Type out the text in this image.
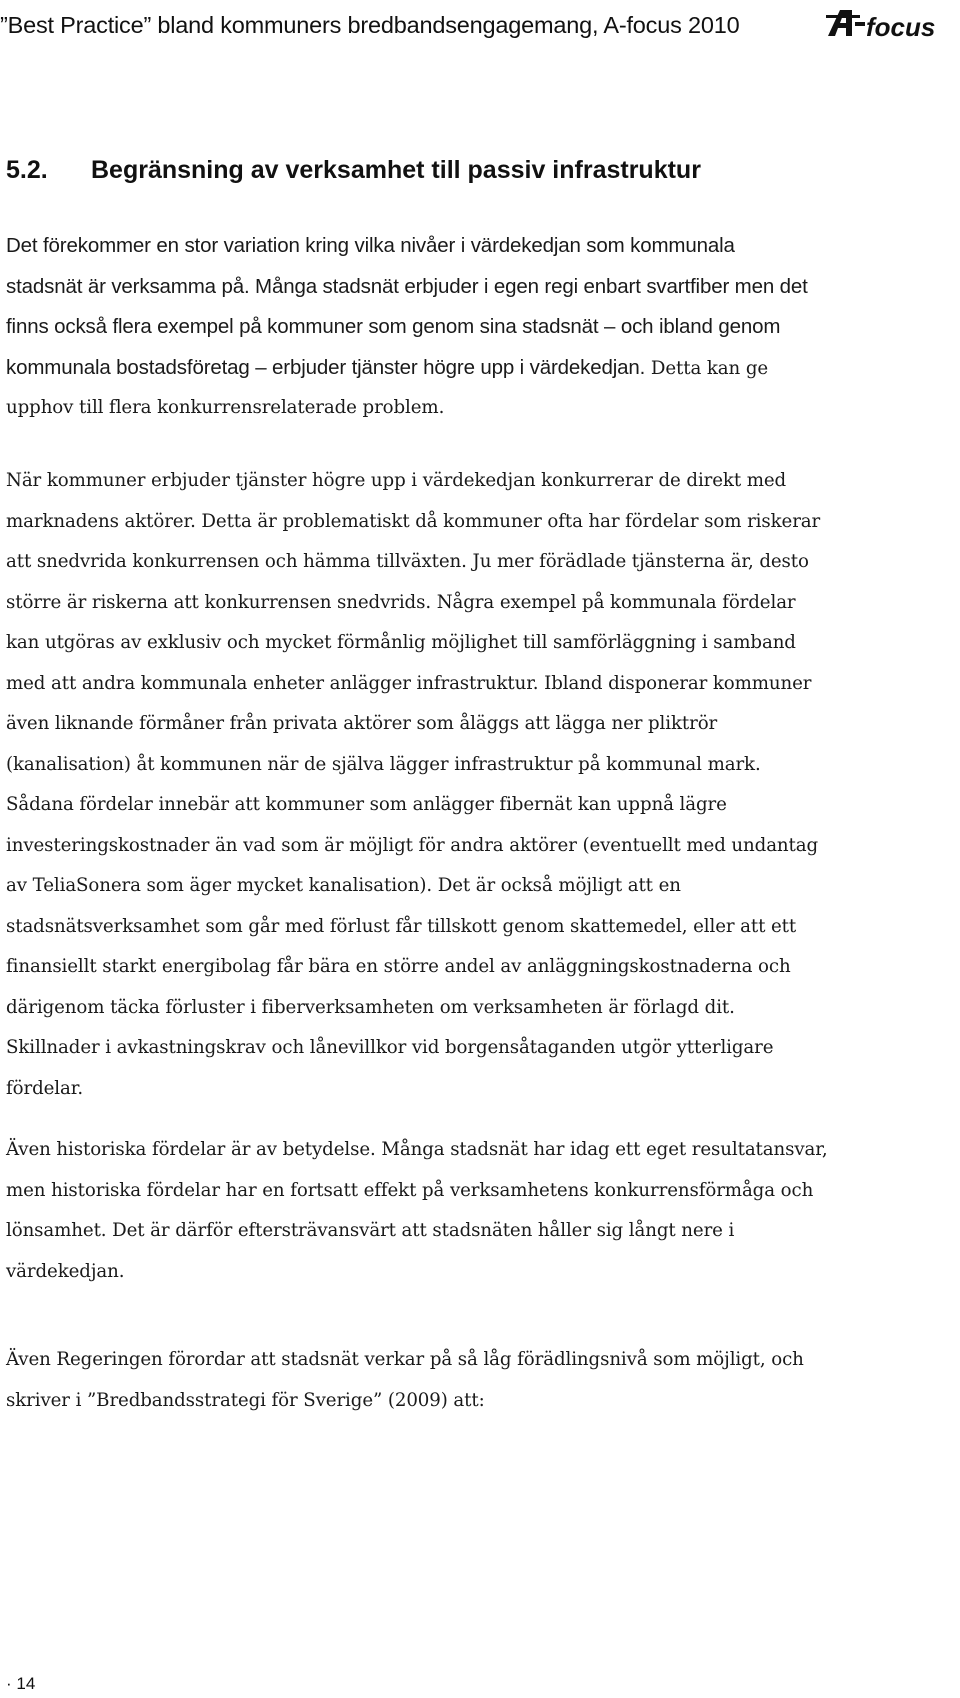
”Best Practice” bland kommuners bredbandsengagemang, A-focus 2010	focus
5.2. Begränsning av verksamhet till passiv infrastruktur
Det förekommer en stor variation kring vilka nivåer i värdekedjan som kommunala
stadsnät är verksamma på. Många stadsnät erbjuder i egen regi enbart svartfiber men det
finns också flera exempel på kommuner som genom sina stadsnät – och ibland genom
kommunala bostadsföretag – erbjuder tjänster högre upp i värdekedjan. Detta kan ge
upphov till flera konkurrensrelaterade problem.
När kommuner erbjuder tjänster högre upp i värdekedjan konkurrerar de direkt med
marknadens aktörer. Detta är problematiskt då kommuner ofta har fördelar som riskerar
att snedvrida konkurrensen och hämma tillväxten. Ju mer förädlade tjänsterna är, desto
större är riskerna att konkurrensen snedvrids. Några exempel på kommunala fördelar
kan utgöras av exklusiv och mycket förmånlig möjlighet till samförläggning i samband
med att andra kommunala enheter anlägger infrastruktur. Ibland disponerar kommuner
även liknande förmåner från privata aktörer som åläggs att lägga ner pliktrör
(kanalisation) åt kommunen när de själva lägger infrastruktur på kommunal mark.
Sådana fördelar innebär att kommuner som anlägger fibernät kan uppnå lägre
investeringskostnader än vad som är möjligt för andra aktörer (eventuellt med undantag
av TeliaSonera som äger mycket kanalisation). Det är också möjligt att en
stadsnätsverksamhet som går med förlust får tillskott genom skattemedel, eller att ett
finansiellt starkt energibolag får bära en större andel av anläggningskostnaderna och
därigenom täcka förluster i fiberverksamheten om verksamheten är förlagd dit.
Skillnader i avkastningskrav och lånevillkor vid borgensåtaganden utgör ytterligare
fördelar.
Även historiska fördelar är av betydelse. Många stadsnät har idag ett eget resultatansvar,
men historiska fördelar har en fortsatt effekt på verksamhetens konkurrensförmåga och
lönsamhet. Det är därför eftersträvansvärt att stadsnäten håller sig långt nere i
värdekedjan.
Även Regeringen förordar att stadsnät verkar på så låg förädlingsnivå som möjligt, och
skriver i ”Bredbandsstrategi för Sverige” (2009) att:
· 14
